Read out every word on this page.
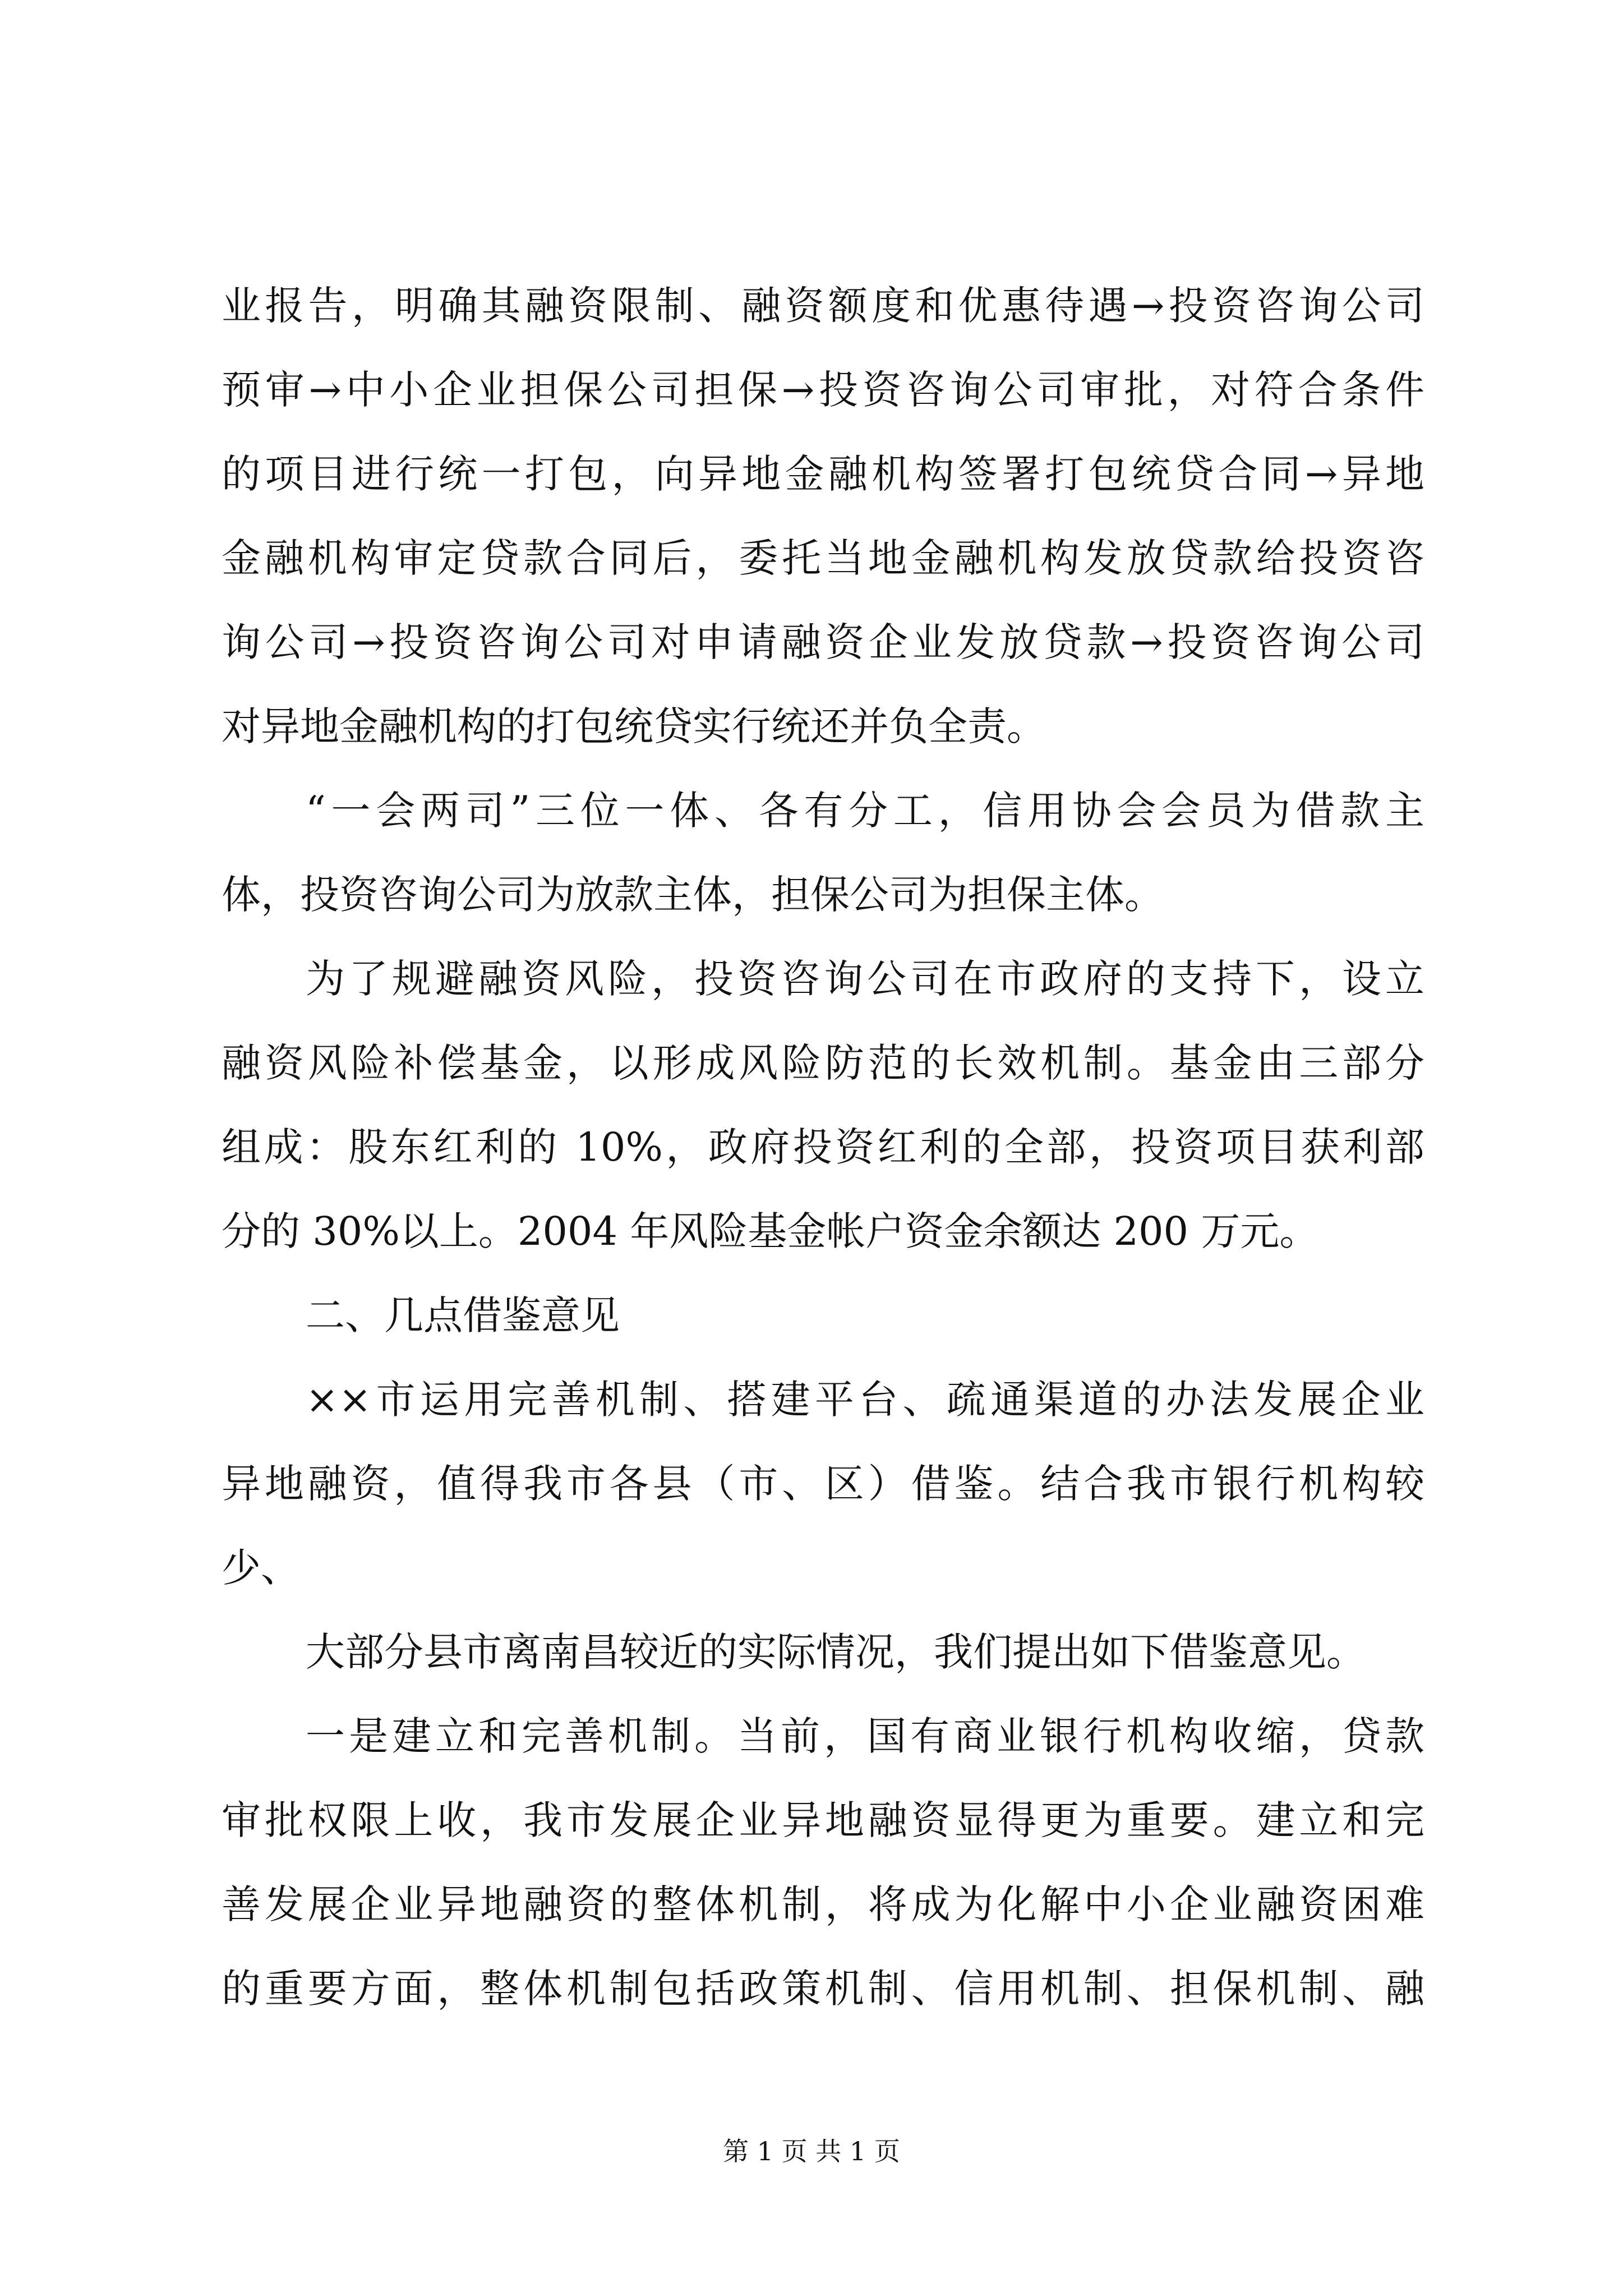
业报告，明确其融资限制、融资额度和优惠待遇→投资咨询公司
预审→中小企业担保公司担保→投资咨询公司审批，对符合条件
的项目进行统一打包，向异地金融机构签署打包统贷合同→异地
金融机构审定贷款合同后，委托当地金融机构发放贷款给投资咨
询公司→投资咨询公司对申请融资企业发放贷款→投资咨询公司
对异地金融机构的打包统贷实行统还并负全责。
“一会两司”三位一体、各有分工，信用协会会员为借款主
体，投资咨询公司为放款主体，担保公司为担保主体。
为了规避融资风险，投资咨询公司在市政府的支持下，设立
融资风险补偿基金，以形成风险防范的长效机制。基金由三部分
组成：股东红利的 10%，政府投资红利的全部，投资项目获利部
分的 30%以上。2004 年风险基金帐户资金余额达 200 万元。
二、几点借鉴意见
××市运用完善机制、搭建平台、疏通渠道的办法发展企业
异地融资，值得我市各县（市、区）借鉴。结合我市银行机构较
少、
大部分县市离南昌较近的实际情况，我们提出如下借鉴意见。
一是建立和完善机制。当前，国有商业银行机构收缩，贷款
审批权限上收，我市发展企业异地融资显得更为重要。建立和完
善发展企业异地融资的整体机制，将成为化解中小企业融资困难
的重要方面，整体机制包括政策机制、信用机制、担保机制、融
第 1 页 共 1 页
